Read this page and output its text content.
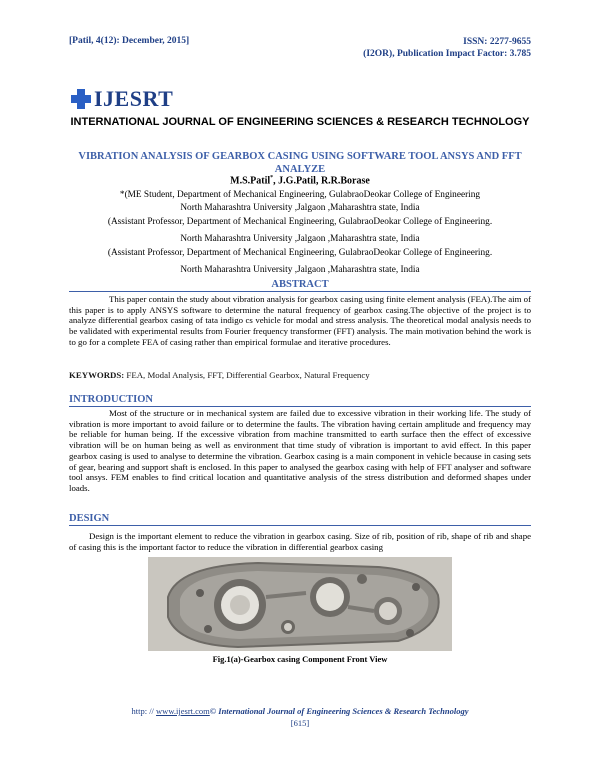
[Patil, 4(12): December, 2015]	ISSN: 2277-9655
(I2OR), Publication Impact Factor: 3.785
IJESRT
INTERNATIONAL JOURNAL OF ENGINEERING SCIENCES & RESEARCH TECHNOLOGY
VIBRATION ANALYSIS OF GEARBOX CASING USING SOFTWARE TOOL ANSYS AND FFT ANALYZE
M.S.Patil*, J.G.Patil, R.R.Borase
*(ME Student, Department of Mechanical Engineering, GulabraoDeokar College of Engineering
North Maharashtra University ,Jalgaon ,Maharashtra state, India
(Assistant Professor, Department of Mechanical Engineering, GulabraoDeokar College of Engineering.
North Maharashtra University ,Jalgaon ,Maharashtra state, India
(Assistant Professor, Department of Mechanical Engineering, GulabraoDeokar College of Engineering.
North Maharashtra University ,Jalgaon ,Maharashtra state, India
ABSTRACT
This paper contain the study about vibration analysis for gearbox casing using finite element analysis (FEA).The aim of this paper is to apply ANSYS software to determine the natural frequency of gearbox casing.The objective of the project is to analyze differential gearbox casing of tata indigo cs vehicle for modal and stress analysis. The theoretical modal analysis needs to be validated with experimental results from Fourier frequency transformer (FFT) analysis. The main motivation behind the work is to go for a complete FEA of casing rather than empirical formulae and iterative procedures.
KEYWORDS: FEA, Modal Analysis, FFT, Differential Gearbox, Natural Frequency
INTRODUCTION
Most of the structure or in mechanical system are failed due to excessive vibration in their working life. The study of vibration is more important to avoid failure or to determine the faults. The vibration having certain amplitude and frequency may be reliable for human being. If the excessive vibration from machine transmitted to earth surface then the effect of excessive vibration will be on human being as well as environment that time study of vibration is important to avid effect. In this paper gearbox casing is used to analyse to determine the vibration. Gearbox casing is a main component in vehicle because in casing sets of gear, bearing and support shaft is enclosed. In this paper to analysed the gearbox casing with help of FFT analyser and software tool ansys. FEM enables to find critical location and quantitative analysis of the stress distribution and deformed shapes under loads.
DESIGN
Design is the important element to reduce the vibration in gearbox casing. Size of rib, position of rib, shape of rib and shape of casing this is the important factor to reduce the vibration in differential gearbox casing
Fig.1(a)-Gearbox casing Component Front View
http: // www.ijesrt.com© International Journal of Engineering Sciences & Research Technology
[615]
